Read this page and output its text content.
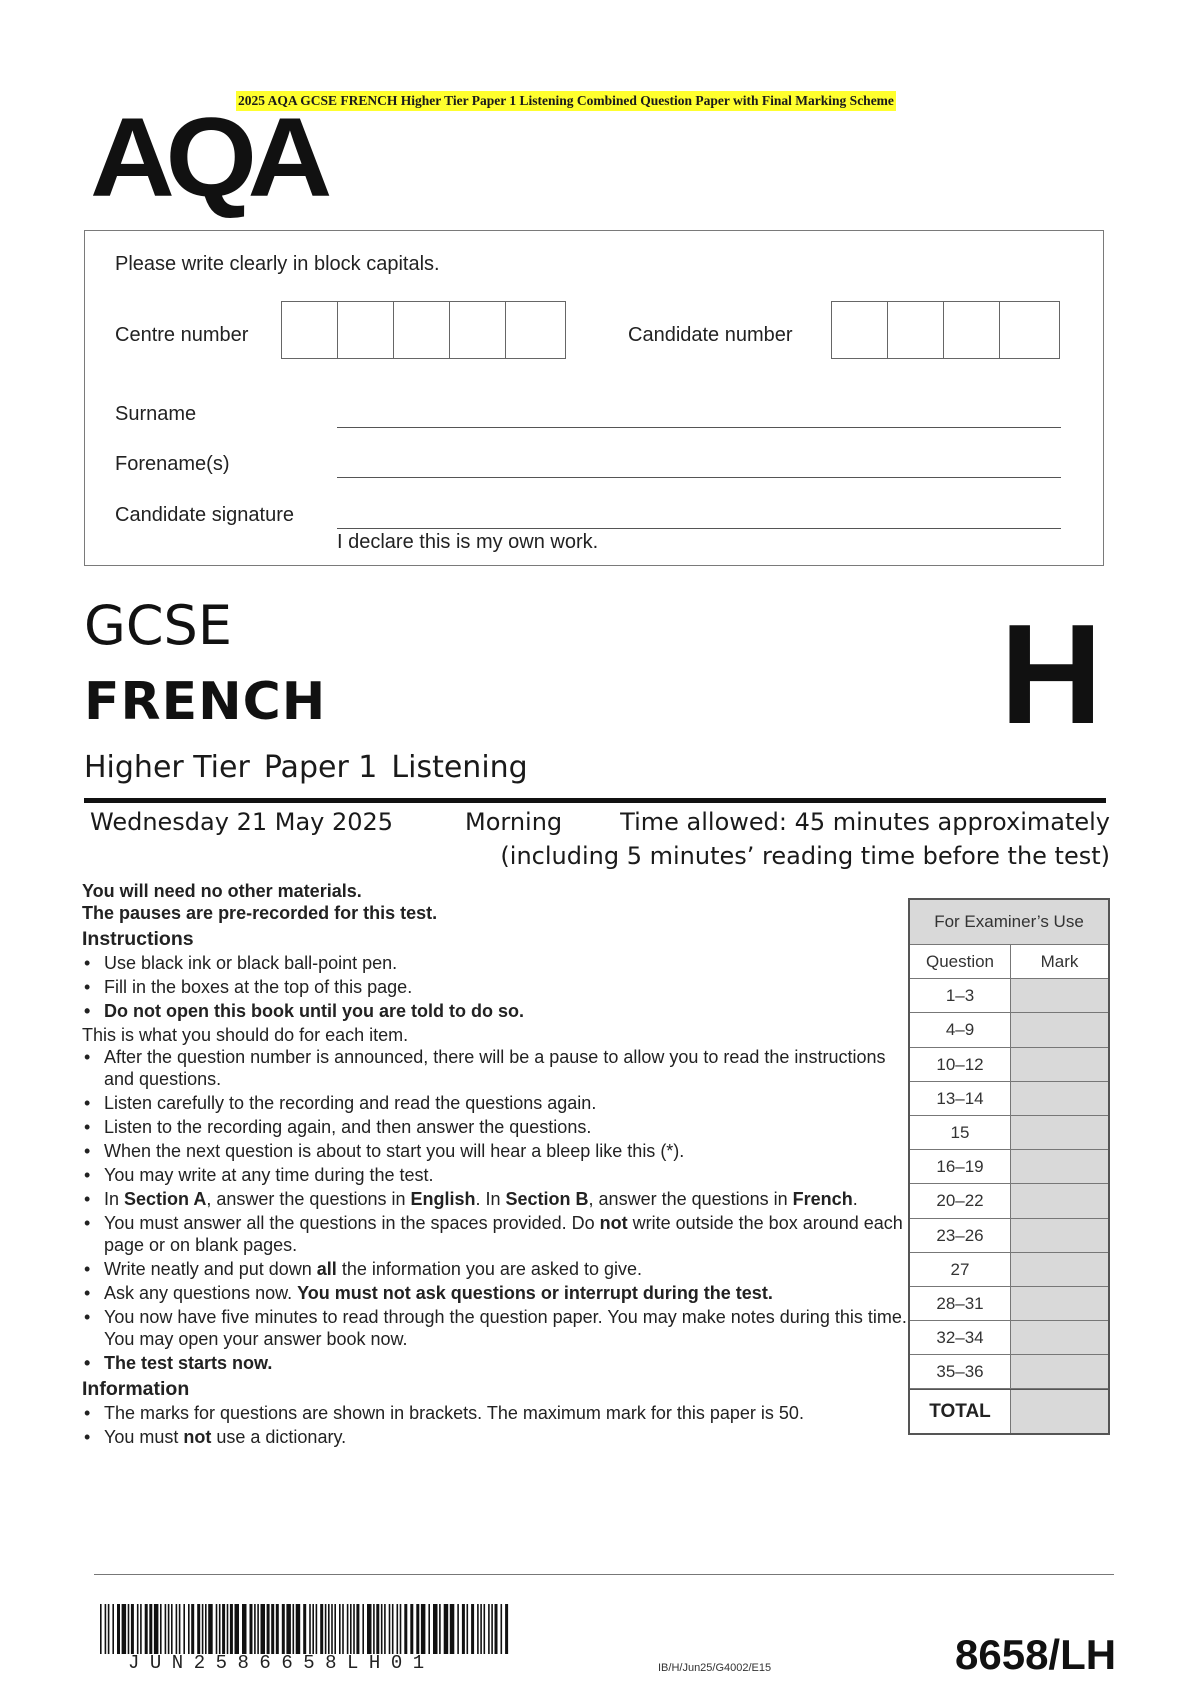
2025 AQA GCSE FRENCH Higher Tier Paper 1 Listening Combined Question Paper with Final Marking Scheme
AQA
Please write clearly in block capitals.
Centre number	Candidate number
Surname
Forename(s)
Candidate signature
I declare this is my own work.
GCSE
FRENCH
Higher Tier Paper 1 Listening
H
Wednesday 21 May 2025	Morning Time allowed: 45 minutes approximately
(including 5 minutes’ reading time before the test)

You will need no other materials.

The pauses are pre-recorded for this test.

Instructions

• Use black ink or black ball-point pen.
• Fill in the boxes at the top of this page.
• Do not open this book until you are told to do so.

This is what you should do for each item.

• After the question number is announced, there will be a pause to allow you to read the instructions and questions.
• Listen carefully to the recording and read the questions again.
• Listen to the recording again, and then answer the questions.
• When the next question is about to start you will hear a bleep like this (*).
• You may write at any time during the test.
• In Section A, answer the questions in English. In Section B, answer the questions in French.
• You must answer all the questions in the spaces provided. Do not write outside the box around each page or on blank pages.
• Write neatly and put down all the information you are asked to give.
• Ask any questions now. You must not ask questions or interrupt during the test.
• You now have five minutes to read through the question paper. You may make notes during this time. You may open your answer book now.
• The test starts now.

Information

• The marks for questions are shown in brackets. The maximum mark for this paper is 50.
• You must not use a dictionary.
For Examiner’s Use
Question	Mark
1–3
4–9
10–12
13–14
15
16–19
20–22
23–26
27
28–31
32–34
35–36
TOTAL
JUN2586658LH01	IB/H/Jun25/G4002/E15	8658/LH
